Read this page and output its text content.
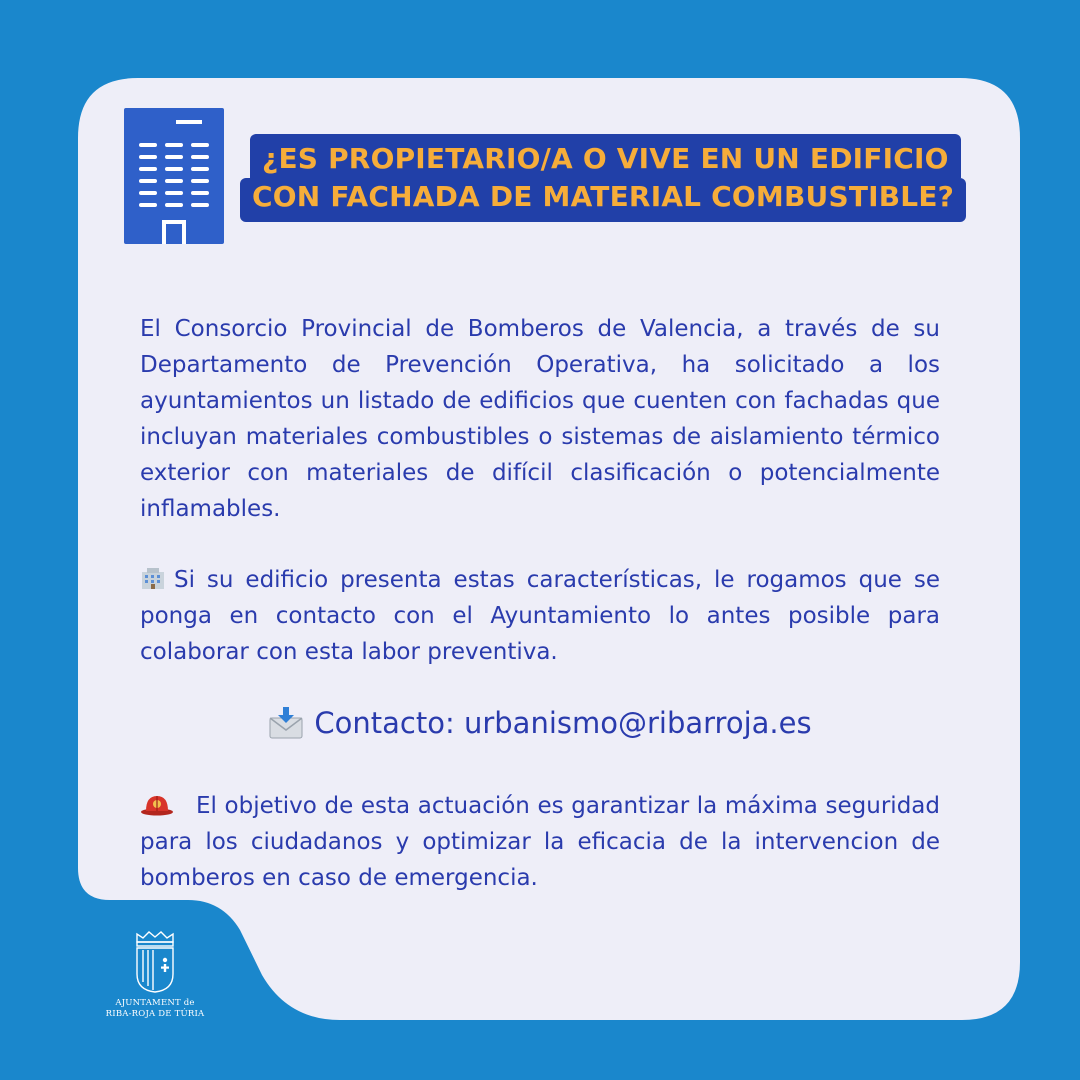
¿ES PROPIETARIO/A O VIVE EN UN EDIFICIO
CON FACHADA DE MATERIAL COMBUSTIBLE?
El Consorcio Provincial de Bomberos de Valencia, a través de su Departamento de Prevención Operativa, ha solicitado a los ayuntamientos un listado de edificios que cuenten con fachadas que incluyan materiales combustibles o sistemas de aislamiento térmico exterior con materiales de difícil clasificación o potencialmente inflamables.
Si su edificio presenta estas características, le rogamos que se ponga en contacto con el Ayuntamiento lo antes posible para colaborar con esta labor preventiva.
Contacto: urbanismo@ribarroja.es
El objetivo de esta actuación es garantizar la máxima seguridad para los ciudadanos y optimizar la eficacia de la intervencion de bomberos en caso de emergencia.
AJUNTAMENT de
RIBA-ROJA DE TÚRIA
